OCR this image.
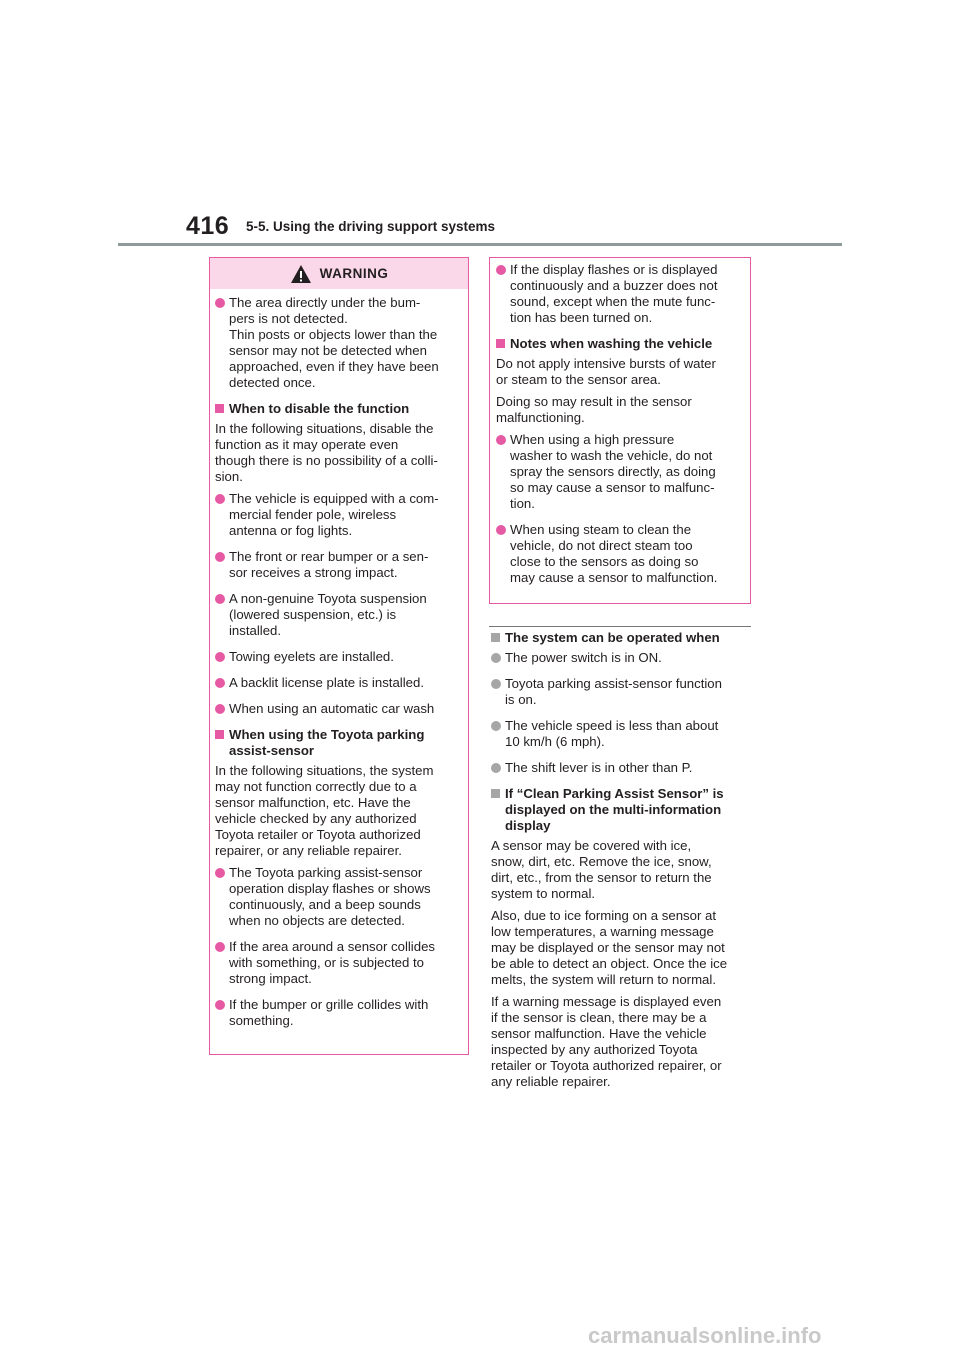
416 5-5. Using the driving support systems
WARNING
The area directly under the bum-
pers is not detected.
Thin posts or objects lower than the
sensor may not be detected when
approached, even if they have been
detected once.
When to disable the function

In the following situations, disable the
function as it may operate even
though there is no possibility of a colli-
sion.

The vehicle is equipped with a com-
mercial fender pole, wireless
antenna or fog lights.
The front or rear bumper or a sen-
sor receives a strong impact.
A non-genuine Toyota suspension
(lowered suspension, etc.) is
installed.
Towing eyelets are installed.
A backlit license plate is installed.
When using an automatic car wash
When using the Toyota parking
assist-sensor

In the following situations, the system
may not function correctly due to a
sensor malfunction, etc. Have the
vehicle checked by any authorized
Toyota retailer or Toyota authorized
repairer, or any reliable repairer.

The Toyota parking assist-sensor
operation display flashes or shows
continuously, and a beep sounds
when no objects are detected.
If the area around a sensor collides
with something, or is subjected to
strong impact.
If the bumper or grille collides with
something.
If the display flashes or is displayed
continuously and a buzzer does not
sound, except when the mute func-
tion has been turned on.
Notes when washing the vehicle

Do not apply intensive bursts of water
or steam to the sensor area.

Doing so may result in the sensor
malfunctioning.

When using a high pressure
washer to wash the vehicle, do not
spray the sensors directly, as doing
so may cause a sensor to malfunc-
tion.
When using steam to clean the
vehicle, do not direct steam too
close to the sensors as doing so
may cause a sensor to malfunction.
The system can be operated when
The power switch is in ON.
Toyota parking assist-sensor function
is on.
The vehicle speed is less than about
10 km/h (6 mph).
The shift lever is in other than P.
If “Clean Parking Assist Sensor” is
displayed on the multi-information
display

A sensor may be covered with ice,
snow, dirt, etc. Remove the ice, snow,
dirt, etc., from the sensor to return the
system to normal.

Also, due to ice forming on a sensor at
low temperatures, a warning message
may be displayed or the sensor may not
be able to detect an object. Once the ice
melts, the system will return to normal.

If a warning message is displayed even
if the sensor is clean, there may be a
sensor malfunction. Have the vehicle
inspected by any authorized Toyota
retailer or Toyota authorized repairer, or
any reliable repairer.

carmanualsonline.info
